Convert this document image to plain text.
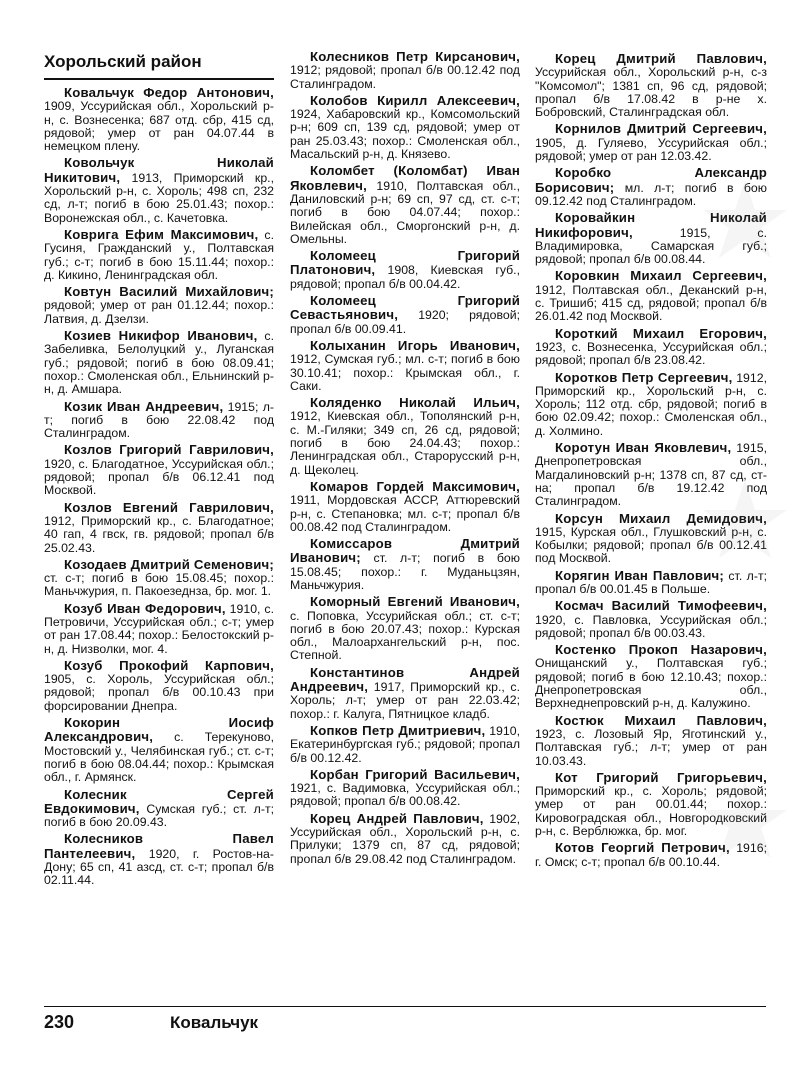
Хорольский район

Ковальчук Федор Антонович, 1909, Уссурийская обл., Хорольский р-н, с. Вознесенка; 687 отд. сбр, 415 сд, рядовой; умер от ран 04.07.44 в немецком плену.

Ковольчук Николай Никитович, 1913, Приморский кр., Хорольский р-н, с. Хороль; 498 сп, 232 сд, л-т; погиб в бою 25.01.43; похор.: Воронежская обл., с. Качетовка.

Ковригa Ефим Максимович, с. Гусиня, Гражданский у., Полтавская губ.; с-т; погиб в бою 15.11.44; похор.: д. Кикино, Ленинградская обл.

Ковтун Василий Михайлович; рядовой; умер от ран 01.12.44; похор.: Латвия, д. Дзелзи.

Козиев Никифор Иванович, с. Забеливка, Белолуцкий у., Луганская губ.; рядовой; погиб в бою 08.09.41; похор.: Смоленская обл., Ельнинский р-н, д. Амшара.

Козик Иван Андреевич, 1915; л-т; погиб в бою 22.08.42 под Сталинградом.

Козлов Григорий Гаврилович, 1920, с. Благодатное, Уссурийская обл.; рядовой; пропал б/в 06.12.41 под Москвой.

Козлов Евгений Гаврилович, 1912, Приморский кр., с. Благодатное; 40 гап, 4 гвск, гв. рядовой; пропал б/в 25.02.43.

Козодаев Дмитрий Семенович; ст. с-т; погиб в бою 15.08.45; похор.: Маньчжурия, п. Пакоезеднза, бр. мог. 1.

Козуб Иван Федорович, 1910, с. Петровичи, Уссурийская обл.; с-т; умер от ран 17.08.44; похор.: Белостокский р-н, д. Низволки, мог. 4.

Козуб Прокофий Карпович, 1905, с. Хороль, Уссурийская обл.; рядовой; пропал б/в 00.10.43 при форсировании Днепра.

Кокорин Иосиф Александрович, с. Терекуново, Мостовский у., Челябинская губ.; ст. с-т; погиб в бою 08.04.44; похор.: Крымская обл., г. Армянск.

Колесник Сергей Евдокимович, Сумская губ.; ст. л-т; погиб в бою 20.09.43.

Колесников Павел Пантелеевич, 1920, г. Ростов-на-Дону; 65 сп, 41 азсд, ст. с-т; пропал б/в 02.11.44.

Колесников Петр Кирсанович, 1912; рядовой; пропал б/в 00.12.42 под Сталинградом.

Колобов Кирилл Алексеевич, 1924, Хабаровский кр., Комсомольский р-н; 609 сп, 139 сд, рядовой; умер от ран 25.03.43; похор.: Смоленская обл., Масальский р-н, д. Князево.

Коломбет (Коломбат) Иван Яковлевич, 1910, Полтавская обл., Даниловский р-н; 69 сп, 97 сд, ст. с-т; погиб в бою 04.07.44; похор.: Вилейская обл., Сморгонский р-н, д. Омельны.

Коломеец Григорий Платонович, 1908, Киевская губ., рядовой; пропал б/в 00.04.42.

Коломеец Григорий Севастьянович, 1920; рядовой; пропал б/в 00.09.41.

Колыханин Игорь Иванович, 1912, Сумская губ.; мл. с-т; погиб в бою 30.10.41; похор.: Крымская обл., г. Саки.

Коляденко Николай Ильич, 1912, Киевская обл., Тополянский р-н, с. М.-Гиляки; 349 сп, 26 сд, рядовой; погиб в бою 24.04.43; похор.: Ленинградская обл., Старорусский р-н, д. Щеколец.

Комаров Гордей Максимович, 1911, Мордовская АССР, Аттюревский р-н, с. Степановка; мл. с-т; пропал б/в 00.08.42 под Сталинградом.

Комиссаров Дмитрий Иванович; ст. л-т; погиб в бою 15.08.45; похор.: г. Муданьцзян, Маньчжурия.

Коморный Евгений Иванович, с. Поповка, Уссурийская обл.; ст. с-т; погиб в бою 20.07.43; похор.: Курская обл., Малоархангельский р-н, пос. Степной.

Константинов Андрей Андреевич, 1917, Приморский кр., с. Хороль; л-т; умер от ран 22.03.42; похор.: г. Калуга, Пятницкое кладб.

Копков Петр Дмитриевич, 1910, Екатеринбургская губ.; рядовой; пропал б/в 00.12.42.

Корбан Григорий Васильевич, 1921, с. Вадимовка, Уссурийская обл.; рядовой; пропал б/в 00.08.42.

Корец Андрей Павлович, 1902, Уссурийская обл., Хорольский р-н, с. Прилуки; 1379 сп, 87 сд, рядовой; пропал б/в 29.08.42 под Сталинградом.

Корец Дмитрий Павлович, Уссурийская обл., Хорольский р-н, с-з "Комсомол"; 1381 сп, 96 сд, рядовой; пропал б/в 17.08.42 в р-не х. Бобровский, Сталинградская обл.

Корнилов Дмитрий Сергеевич, 1905, д. Гуляево, Уссурийская обл.; рядовой; умер от ран 12.03.42.

Коробко Александр Борисович; мл. л-т; погиб в бою 09.12.42 под Сталинградом.

Коровайкин Николай Никифорович, 1915, с. Владимировка, Самарская губ.; рядовой; пропал б/в 00.08.44.

Коровкин Михаил Сергеевич, 1912, Полтавская обл., Деканский р-н, с. Тришиб; 415 сд, рядовой; пропал б/в 26.01.42 под Москвой.

Короткий Михаил Егорович, 1923, с. Вознесенка, Уссурийская обл.; рядовой; пропал б/в 23.08.42.

Коротков Петр Сергеевич, 1912, Приморский кр., Хорольский р-н, с. Хороль; 112 отд. сбр, рядовой; погиб в бою 02.09.42; похор.: Смоленская обл., д. Холмино.

Коротун Иван Яковлевич, 1915, Днепропетровская обл., Магдалиновский р-н; 1378 сп, 87 сд, ст-на; пропал б/в 19.12.42 под Сталинградом.

Корсун Михаил Демидович, 1915, Курская обл., Глушковский р-н, с. Кобылки; рядовой; пропал б/в 00.12.41 под Москвой.

Корягин Иван Павлович; ст. л-т; пропал б/в 00.01.45 в Польше.

Космач Василий Тимофеевич, 1920, с. Павловка, Уссурийская обл.; рядовой; пропал б/в 00.03.43.

Костенко Прокоп Назарович, Онищанский у., Полтавская губ.; рядовой; погиб в бою 12.10.43; похор.: Днепропетровская обл., Верхнеднепровский р-н, д. Калужино.

Костюк Михаил Павлович, 1923, с. Лозовый Яр, Яготинский у., Полтавская губ.; л-т; умер от ран 10.03.43.

Кот Григорий Григорьевич, Приморский кр., с. Хороль; рядовой; умер от ран 00.01.44; похор.: Кировоградская обл., Новгородковский р-н, с. Верблюжка, бр. мог.

Котов Георгий Петрович, 1916; г. Омск; с-т; пропал б/в 00.10.44.

230	Ковальчук
